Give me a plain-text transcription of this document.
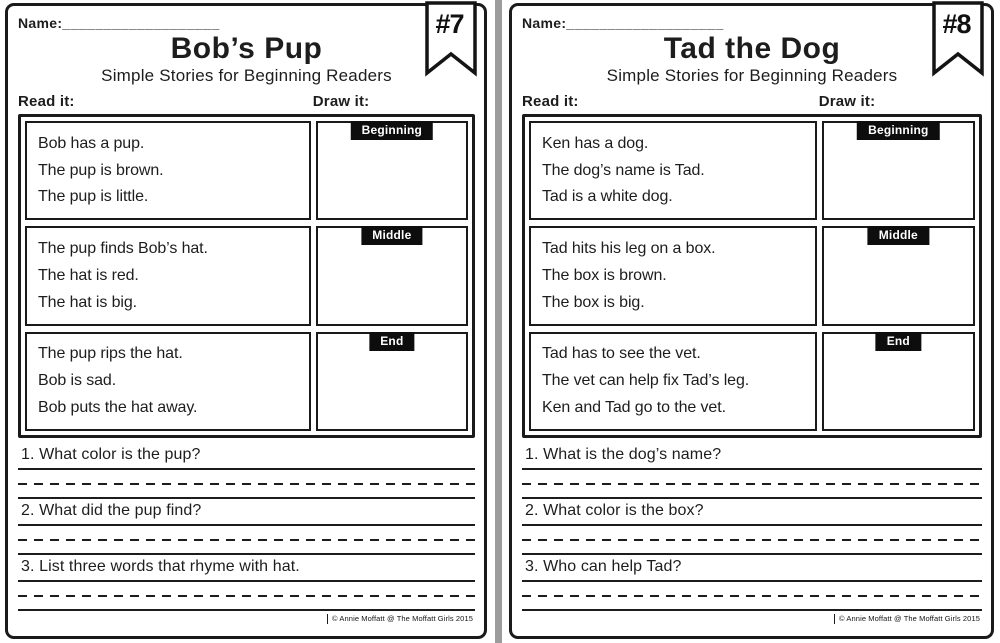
#7
Name:___________________
Bob’s Pup
Simple Stories for Beginning Readers
Read it:	Draw it:
Bob has a pup.
The pup is brown.
The pup is little.
Beginning
The pup finds Bob’s hat.
The hat is red.
The hat is big.
Middle
The pup rips the hat.
Bob is sad.
Bob puts the hat away.
End
1. What color is the pup?
2. What did the pup find?
3. List three words that rhyme with hat.
© Annie Moffatt @ The Moffatt Girls 2015
#8
Name:___________________
Tad the Dog
Simple Stories for Beginning Readers
Read it:	Draw it:
Ken has a dog.
The dog’s name is Tad.
Tad is a white dog.
Beginning
Tad hits his leg on a box.
The box is brown.
The box is big.
Middle
Tad has to see the vet.
The vet can help fix Tad’s leg.
Ken and Tad go to the vet.
End
1. What is the dog’s name?
2. What color is the box?
3. Who can help Tad?
© Annie Moffatt @ The Moffatt Girls 2015
